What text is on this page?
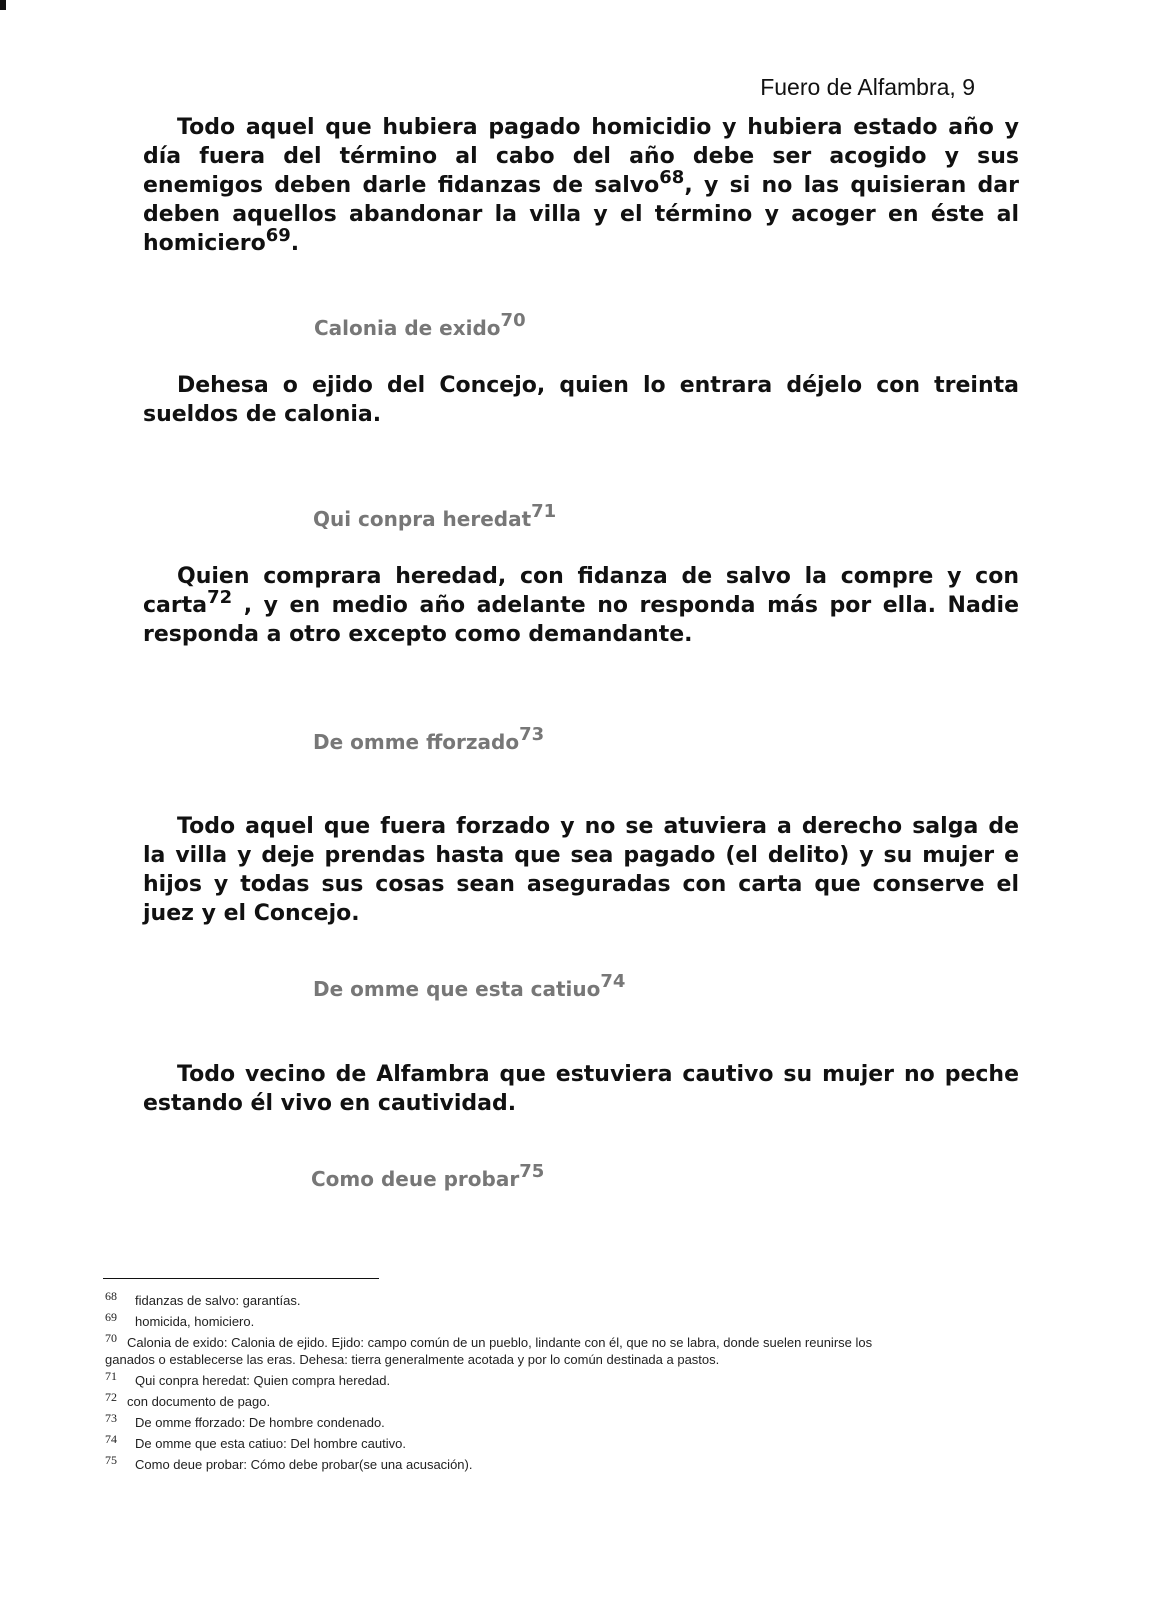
Fuero de Alfambra, 9

Todo aquel que hubiera pagado homicidio y hubiera estado año y día fuera del término al cabo del año debe ser acogido y sus enemigos deben darle fidanzas de salvo$^{68}$, y si no las quisieran dar deben aquellos abandonar la villa y el término y acoger en éste al homiciero$^{69}$.

Calonia de exido$^{70}$

Dehesa o ejido del Concejo, quien lo entrara déjelo con treinta sueldos de calonia.

Qui conpra heredat$^{71}$

Quien comprara heredad, con fidanza de salvo la compre y con carta$^{72}$ , y en medio año adelante no responda más por ella. Nadie responda a otro excepto como demandante.

De omme fforzado$^{73}$

Todo aquel que fuera forzado y no se atuviera a derecho salga de la villa y deje prendas hasta que sea pagado (el delito) y su mujer e hijos y todas sus cosas sean aseguradas con carta que conserve el juez y el Concejo.

De omme que esta catiuo$^{74}$

Todo vecino de Alfambra que estuviera cautivo su mujer no peche estando él vivo en cautividad.

Como deue probar$^{75}$

68 fidanzas de salvo: garantías.

69 homicida, homiciero.

70 Calonia de exido: Calonia de ejido. Ejido: campo común de un pueblo, lindante con él, que no se labra, donde suelen reunirse los
ganados o establecerse las eras. Dehesa: tierra generalmente acotada y por lo común destinada a pastos.

71 Qui conpra heredat: Quien compra heredad.

72 con documento de pago.

73 De omme fforzado: De hombre condenado.

74 De omme que esta catiuo: Del hombre cautivo.

75 Como deue probar: Cómo debe probar(se una acusación).
